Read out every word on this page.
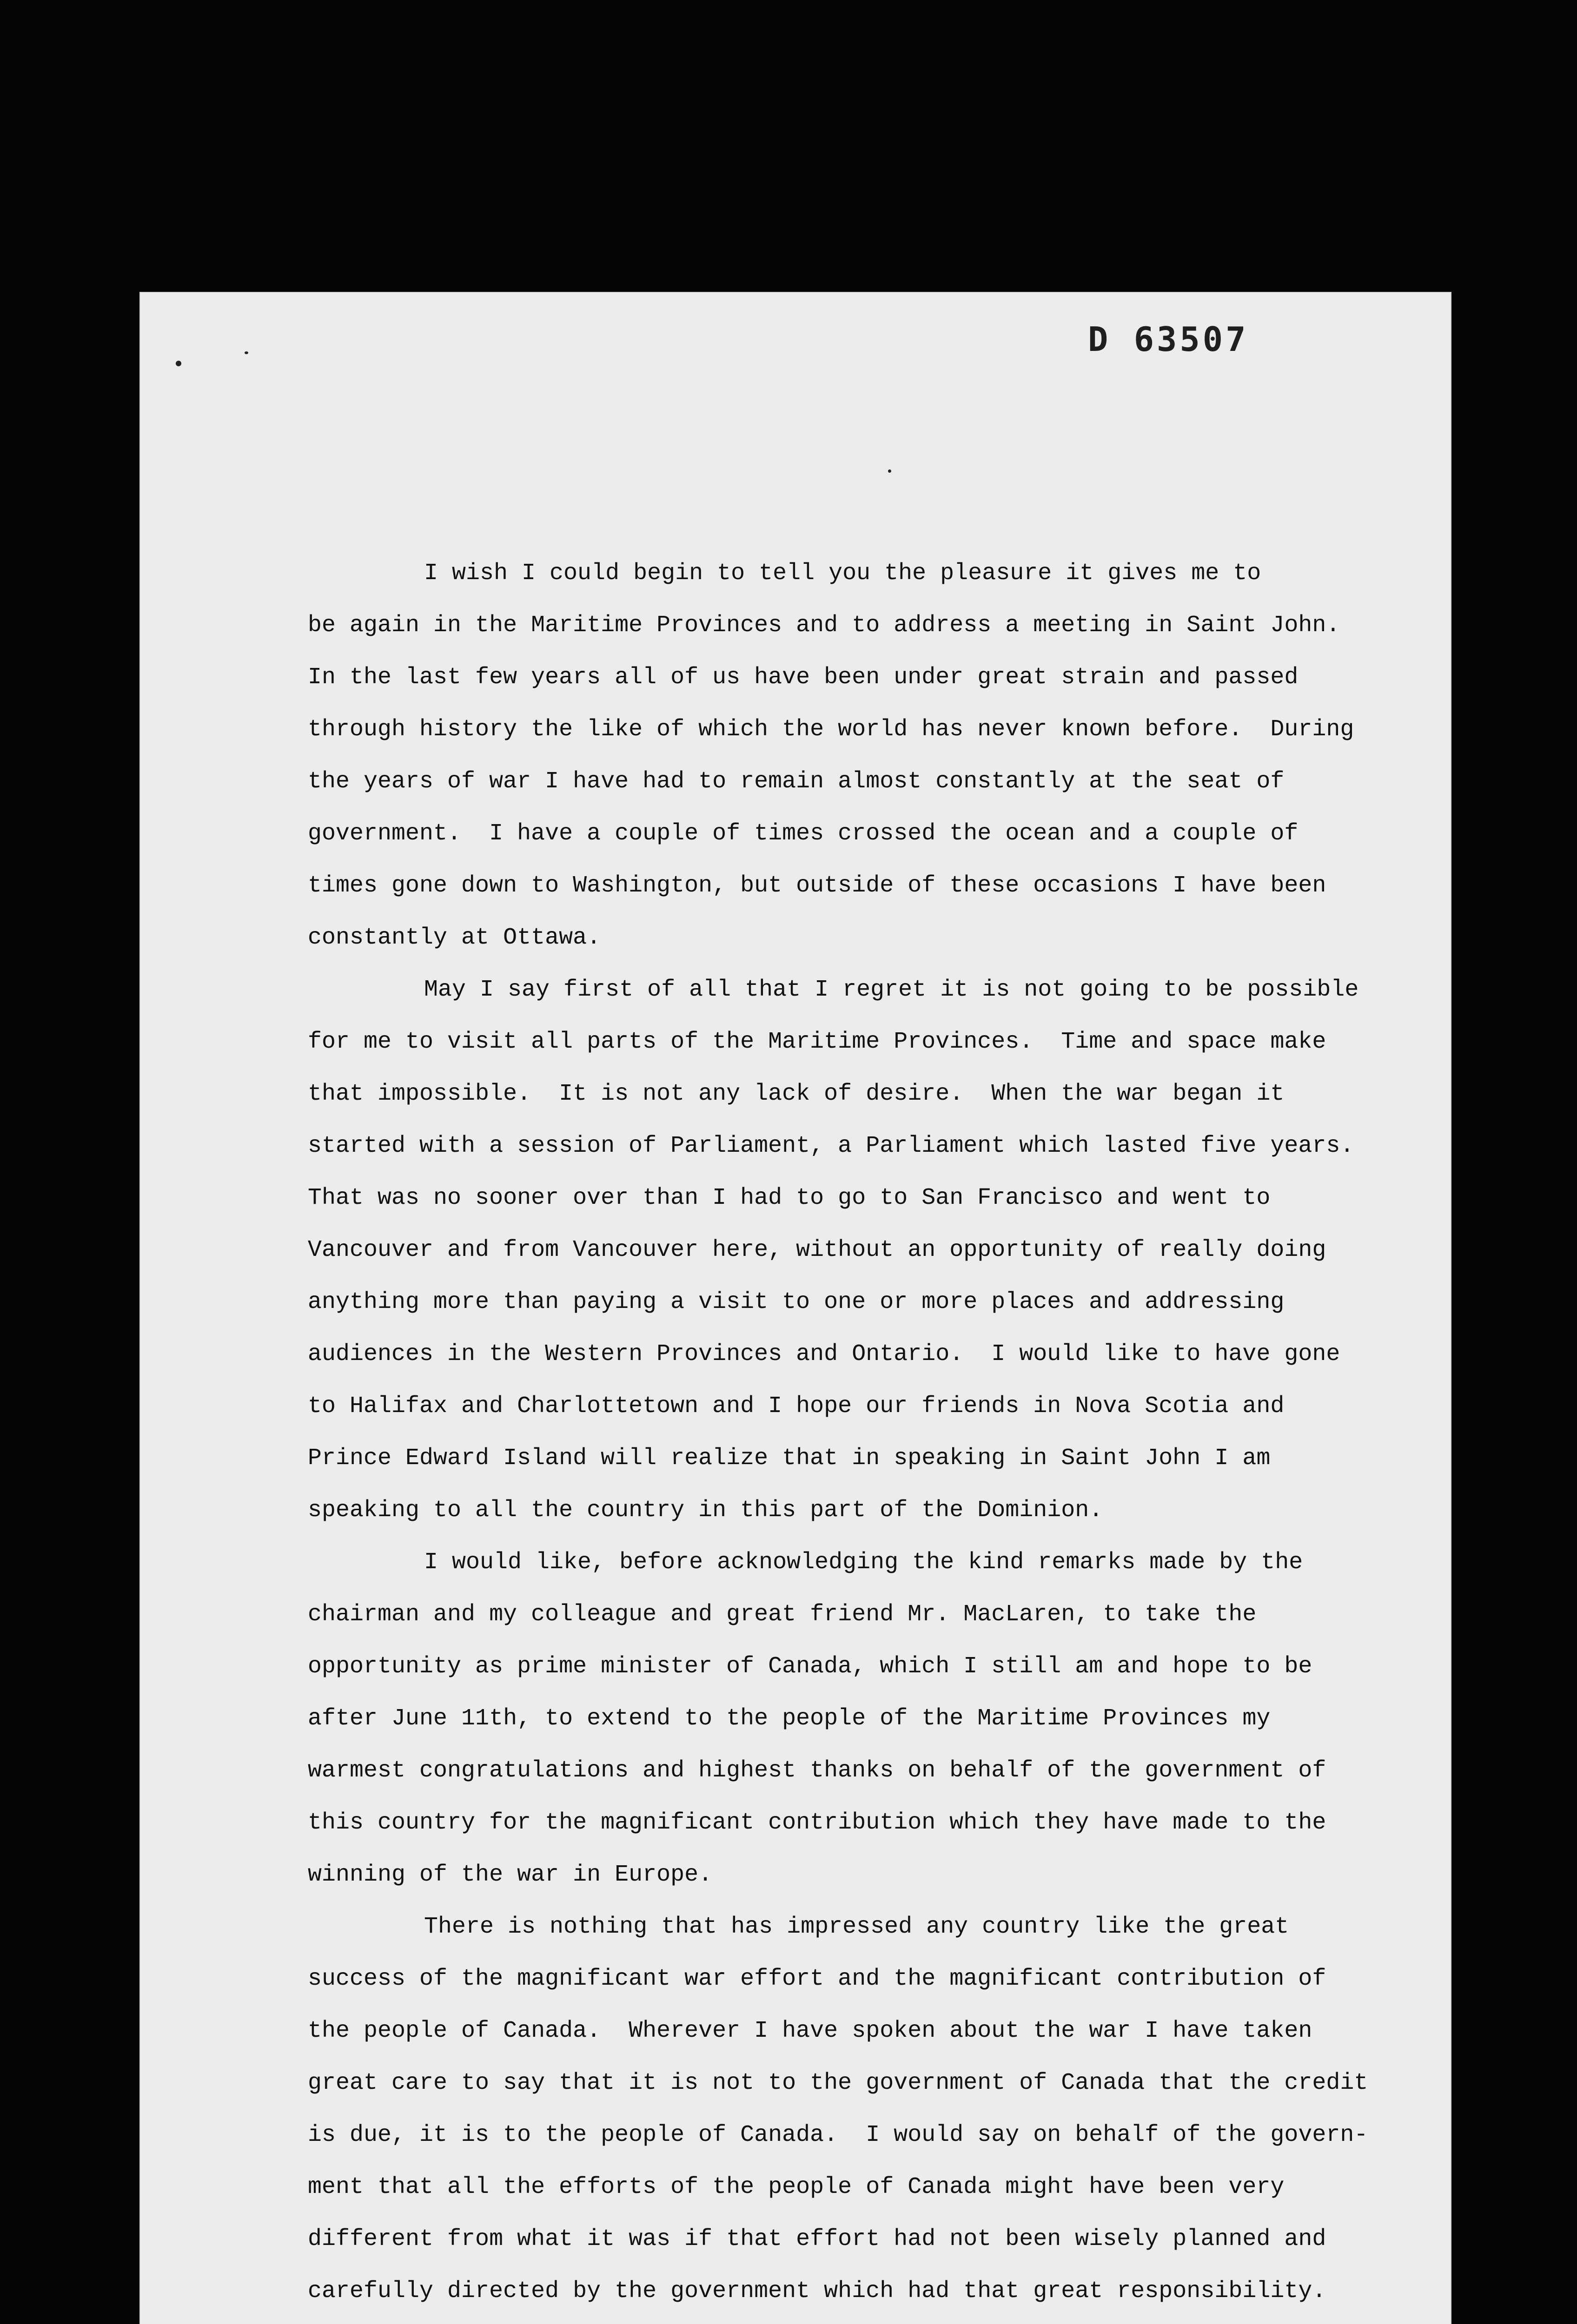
D 63507

I wish I could begin to tell you the pleasure it gives me to
be again in the Maritime Provinces and to address a meeting in Saint John.
In the last few years all of us have been under great strain and passed
through history the like of which the world has never known before.  During
the years of war I have had to remain almost constantly at the seat of
government.  I have a couple of times crossed the ocean and a couple of
times gone down to Washington, but outside of these occasions I have been
constantly at Ottawa.
May I say first of all that I regret it is not going to be possible
for me to visit all parts of the Maritime Provinces.  Time and space make
that impossible.  It is not any lack of desire.  When the war began it
started with a session of Parliament, a Parliament which lasted five years.
That was no sooner over than I had to go to San Francisco and went to
Vancouver and from Vancouver here, without an opportunity of really doing
anything more than paying a visit to one or more places and addressing
audiences in the Western Provinces and Ontario.  I would like to have gone
to Halifax and Charlottetown and I hope our friends in Nova Scotia and
Prince Edward Island will realize that in speaking in Saint John I am
speaking to all the country in this part of the Dominion.
I would like, before acknowledging the kind remarks made by the
chairman and my colleague and great friend Mr. MacLaren, to take the
opportunity as prime minister of Canada, which I still am and hope to be
after June 11th, to extend to the people of the Maritime Provinces my
warmest congratulations and highest thanks on behalf of the government of
this country for the magnificant contribution which they have made to the
winning of the war in Europe.
There is nothing that has impressed any country like the great
success of the magnificant war effort and the magnificant contribution of
the people of Canada.  Wherever I have spoken about the war I have taken
great care to say that it is not to the government of Canada that the credit
is due, it is to the people of Canada.  I would say on behalf of the govern-
ment that all the efforts of the people of Canada might have been very
different from what it was if that effort had not been wisely planned and
carefully directed by the government which had that great responsibility.
